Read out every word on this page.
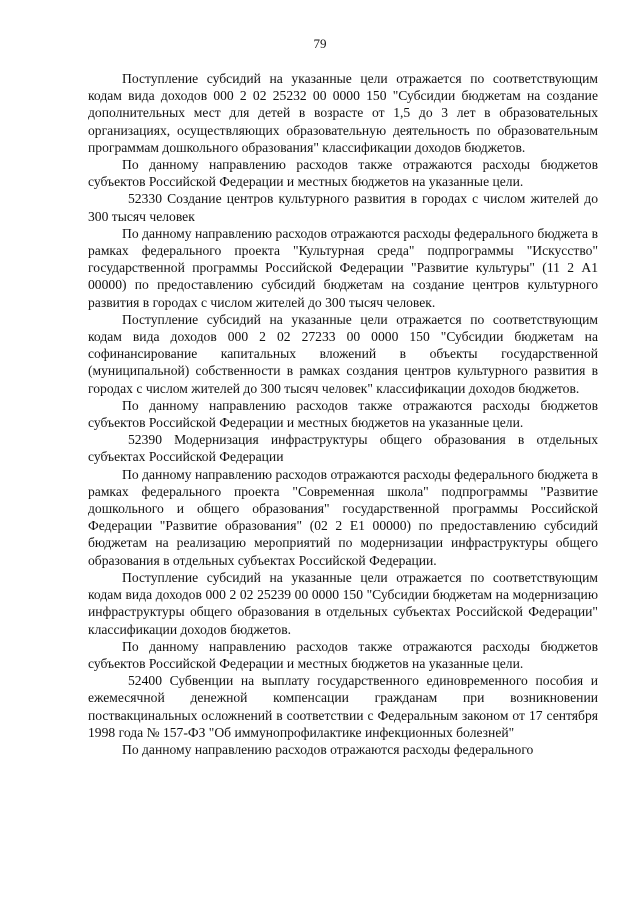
79

Поступление субсидий на указанные цели отражается по соответствующим кодам вида доходов 000 2 02 25232 00 0000 150 "Субсидии бюджетам на создание дополнительных мест для детей в возрасте от 1,5 до 3 лет в образовательных организациях, осуществляющих образовательную деятельность по образовательным программам дошкольного образования" классификации доходов бюджетов.

По данному направлению расходов также отражаются расходы бюджетов субъектов Российской Федерации и местных бюджетов на указанные цели.

52330 Создание центров культурного развития в городах с числом жителей до 300 тысяч человек

По данному направлению расходов отражаются расходы федерального бюджета в рамках федерального проекта "Культурная среда" подпрограммы "Искусство" государственной программы Российской Федерации "Развитие культуры" (11 2 A1 00000) по предоставлению субсидий бюджетам на создание центров культурного развития в городах с числом жителей до 300 тысяч человек.

Поступление субсидий на указанные цели отражается по соответствующим кодам вида доходов 000 2 02 27233 00 0000 150 "Субсидии бюджетам на софинансирование капитальных вложений в объекты государственной (муниципальной) собственности в рамках создания центров культурного развития в городах с числом жителей до 300 тысяч человек" классификации доходов бюджетов.

По данному направлению расходов также отражаются расходы бюджетов субъектов Российской Федерации и местных бюджетов на указанные цели.

52390 Модернизация инфраструктуры общего образования в отдельных субъектах Российской Федерации

По данному направлению расходов отражаются расходы федерального бюджета в рамках федерального проекта "Современная школа" подпрограммы "Развитие дошкольного и общего образования" государственной программы Российской Федерации "Развитие образования" (02 2 E1 00000) по предоставлению субсидий бюджетам на реализацию мероприятий по модернизации инфраструктуры общего образования в отдельных субъектах Российской Федерации.

Поступление субсидий на указанные цели отражается по соответствующим кодам вида доходов 000 2 02 25239 00 0000 150 "Субсидии бюджетам на модернизацию инфраструктуры общего образования в отдельных субъектах Российской Федерации" классификации доходов бюджетов.

По данному направлению расходов также отражаются расходы бюджетов субъектов Российской Федерации и местных бюджетов на указанные цели.

52400 Субвенции на выплату государственного единовременного пособия и ежемесячной денежной компенсации гражданам при возникновении поствакцинальных осложнений в соответствии с Федеральным законом от 17 сентября 1998 года № 157-ФЗ "Об иммунопрофилактике инфекционных болезней"

По данному направлению расходов отражаются расходы федерального
